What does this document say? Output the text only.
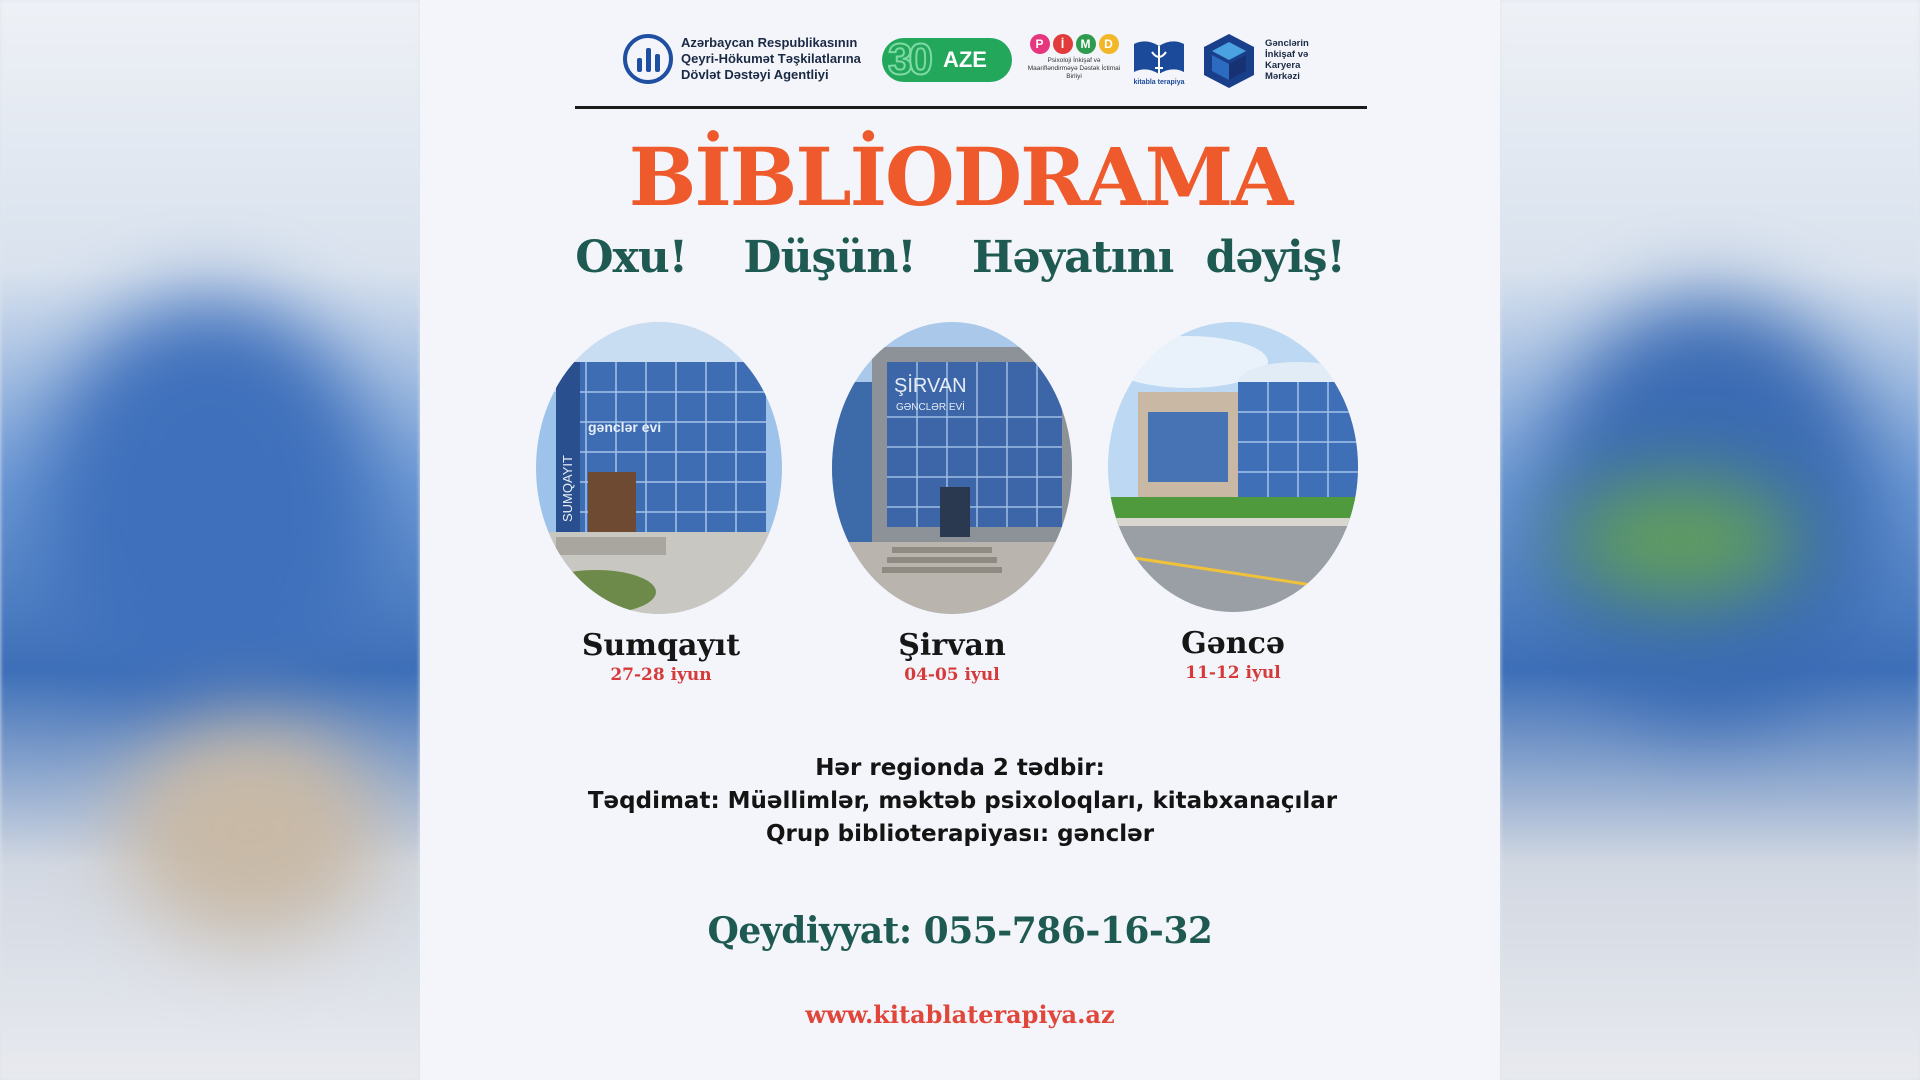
Azərbaycan Respublikasının
Qeyri-Hökumət Təşkilatlarına
Dövlət Dəstəyi Agentliyi	30 AZE
P	İ	M	D
Psixoloji İnkişaf və Maarifləndirməyə Dəstək İctimai Birliyi
kitabla terapiya
Gənclərin
İnkişaf və
Karyera
Mərkəzi
BİBLİODRAMA
Oxu! Düşün! Həyatını dəyiş!
gənclər evi
SUMQAYIT
Sumqayıt
27-28 iyun
ŞİRVAN
GƏNCLƏR EVİ
Şirvan
04-05 iyul
Gəncə
11-12 iyul
Hər regionda 2 tədbir:
Təqdimat: Müəllimlər, məktəb psixoloqları, kitabxanaçılar
Qrup biblioterapiyası: gənclər
Qeydiyyat: 055-786-16-32
www.kitablaterapiya.az
